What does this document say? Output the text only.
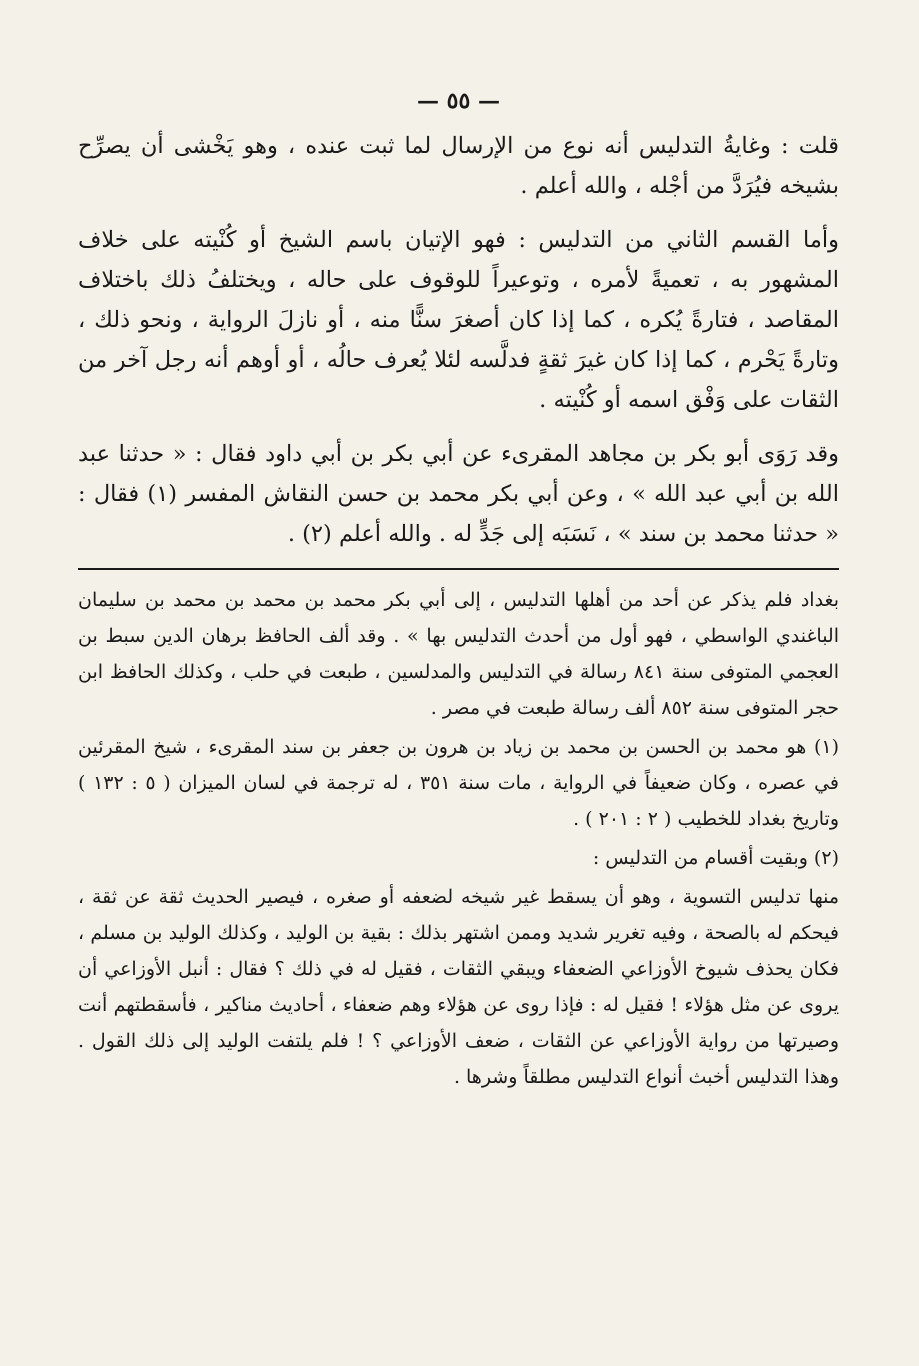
— ٥٥ —

قلت : وغايةُ التدليس أنه نوع من الإرسال لما ثبت عنده ، وهو يَخْشى أن يصرِّح بشيخه فيُرَدَّ من أجْله ، والله أعلم .

وأما القسم الثاني من التدليس : فهو الإتيان باسم الشيخ أو كُنْيته على خلاف المشهور به ، تعميةً لأمره ، وتوعيراً للوقوف على حاله ، ويختلفُ ذلك باختلاف المقاصد ، فتارةً يُكره ، كما إذا كان أصغرَ سنًّا منه ، أو نازلَ الرواية ، ونحو ذلك ، وتارةً يَحْرم ، كما إذا كان غيرَ ثقةٍ فدلَّسه لئلا يُعرف حالُه ، أو أوهم أنه رجل آخر من الثقات على وَفْق اسمه أو كُنْيته .

وقد رَوَى أبو بكر بن مجاهد المقرىء عن أبي بكر بن أبي داود فقال : « حدثنا عبد الله بن أبي عبد الله » ، وعن أبي بكر محمد بن حسن النقاش المفسر (١) فقال : « حدثنا محمد بن سند » ، نَسَبَه إلى جَدٍّ له . والله أعلم (٢) .

بغداد فلم يذكر عن أحد من أهلها التدليس ، إلى أبي بكر محمد بن محمد بن محمد بن سليمان الباغندي الواسطي ، فهو أول من أحدث التدليس بها » . وقد ألف الحافظ برهان الدين سبط بن العجمي المتوفى سنة ٨٤١ رسالة في التدليس والمدلسين ، طبعت في حلب ، وكذلك الحافظ ابن حجر المتوفى سنة ٨٥٢ ألف رسالة طبعت في مصر .

(١) هو محمد بن الحسن بن محمد بن زياد بن هرون بن جعفر بن سند المقرىء ، شيخ المقرئين في عصره ، وكان ضعيفاً في الرواية ، مات سنة ٣٥١ ، له ترجمة في لسان الميزان ( ٥ : ١٣٢ ) وتاريخ بغداد للخطيب ( ٢ : ٢٠١ ) .

(٢) وبقيت أقسام من التدليس :

منها تدليس التسوية ، وهو أن يسقط غير شيخه لضعفه أو صغره ، فيصير الحديث ثقة عن ثقة ، فيحكم له بالصحة ، وفيه تغرير شديد وممن اشتهر بذلك : بقية بن الوليد ، وكذلك الوليد بن مسلم ، فكان يحذف شيوخ الأوزاعي الضعفاء ويبقي الثقات ، فقيل له في ذلك ؟ فقال : أنبل الأوزاعي أن يروى عن مثل هؤلاء ! فقيل له : فإذا روى عن هؤلاء وهم ضعفاء ، أحاديث مناكير ، فأسقطتهم أنت وصيرتها من رواية الأوزاعي عن الثقات ، ضعف الأوزاعي ؟ ! فلم يلتفت الوليد إلى ذلك القول . وهذا التدليس أخبث أنواع التدليس مطلقاً وشرها .
